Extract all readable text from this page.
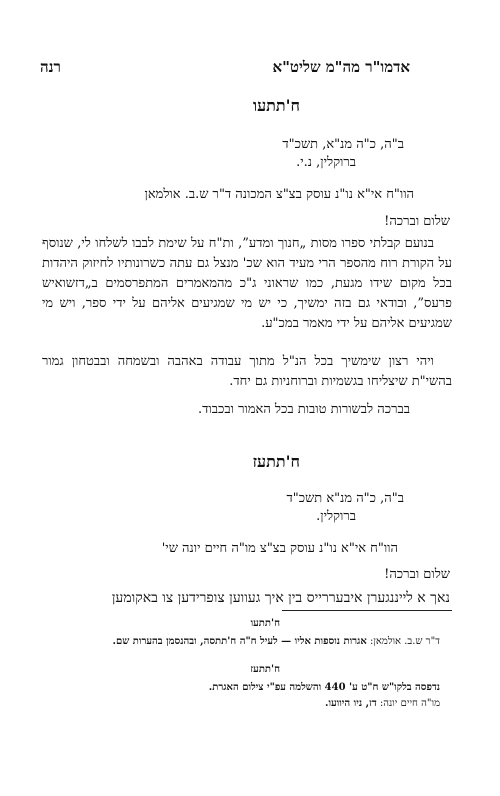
אדמו"ר מה"מ שליט"א
רנה
ח'תתעו
ב"ה, כ"ה מנ"א, תשכ"ד
ברוקלין, נ.י.
הוו"ח אי"א נו"נ עוסק בצ"צ המכונה ד"ר ש.ב. אולמאן
שלום וברכה!
בנועם קבלתי ספרו מסות „חנוך ומדע”, ות"ח על שימת לבבו לשלחו לי, שנוסף על הקורת רוח מהספר הרי מעיד הוא שכ' מנצל גם עתה כשרונותיו לחיזוק היהדות בכל מקום שידו מגעת, כמו שראוני ג"כ מהמאמרים המתפרסמים ב„דזשואיש פרעס”, ובודאי גם בזה ימשיך, כי יש מי שמגיעים אליהם על ידי ספר, ויש מי שמגיעים אליהם על ידי מאמר במכ"ע.
ויהי רצון שימשיך בכל הנ"ל מתוך עבודה באהבה ובשמחה ובבטחון גמור בהשי"ת שיצליחו בגשמיות וברוחניות גם יחד.
בברכה לבשורות טובות בכל האמור ובכבוד.
ח'תתעז
ב"ה, כ"ה מנ"א תשכ"ד
ברוקלין.
הוו"ח אי"א נו"נ עוסק בצ"צ מו"ה חיים יונה שי'
שלום וברכה!
נאך א לייננגערן איבעררייס בין איך געווען צופרידען צו באקומען
ח'תתעו
ד"ר ש.ב. אולמאן: אגרות נוספות אליו — לעיל ח"ה ח'תתסה, ובהנסמן בהערות שם.
ח'תתעז
נדפסה בלקו"ש ח"ט ע' 440 והשלמה עפ"י צילום האגרת.
מו"ה חיים יונה: דז, ניו היוועו.
